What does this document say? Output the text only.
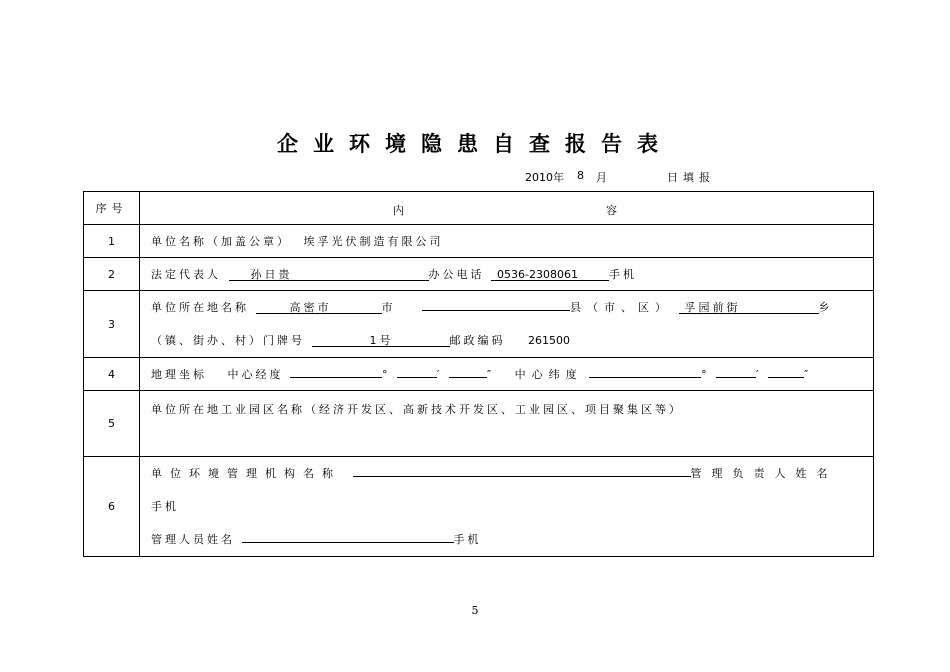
企业环境隐患自查报告表
2010年 8 月	日填报
序号	内 容

1	单位名称（加盖公章） 埃孚光伏制造有限公司
2	法定代表人 孙日贵 办公电话 0536-2308061 手机
3	单位所在地名称 高密市 市 县（市、区） 孚园前街 乡
（镇、街办、村）门牌号 1号 邮政编码 261500

4	地理坐标 中心经度 ° ′ ″ 中心纬度 ° ′ ″
5	单位所在地工业园区名称（经济开发区、高新技术开发区、工业园区、项目聚集区等）
6	单位环境管理机构名称 管理负责人姓名
手机
管理人员姓名 手机
5
